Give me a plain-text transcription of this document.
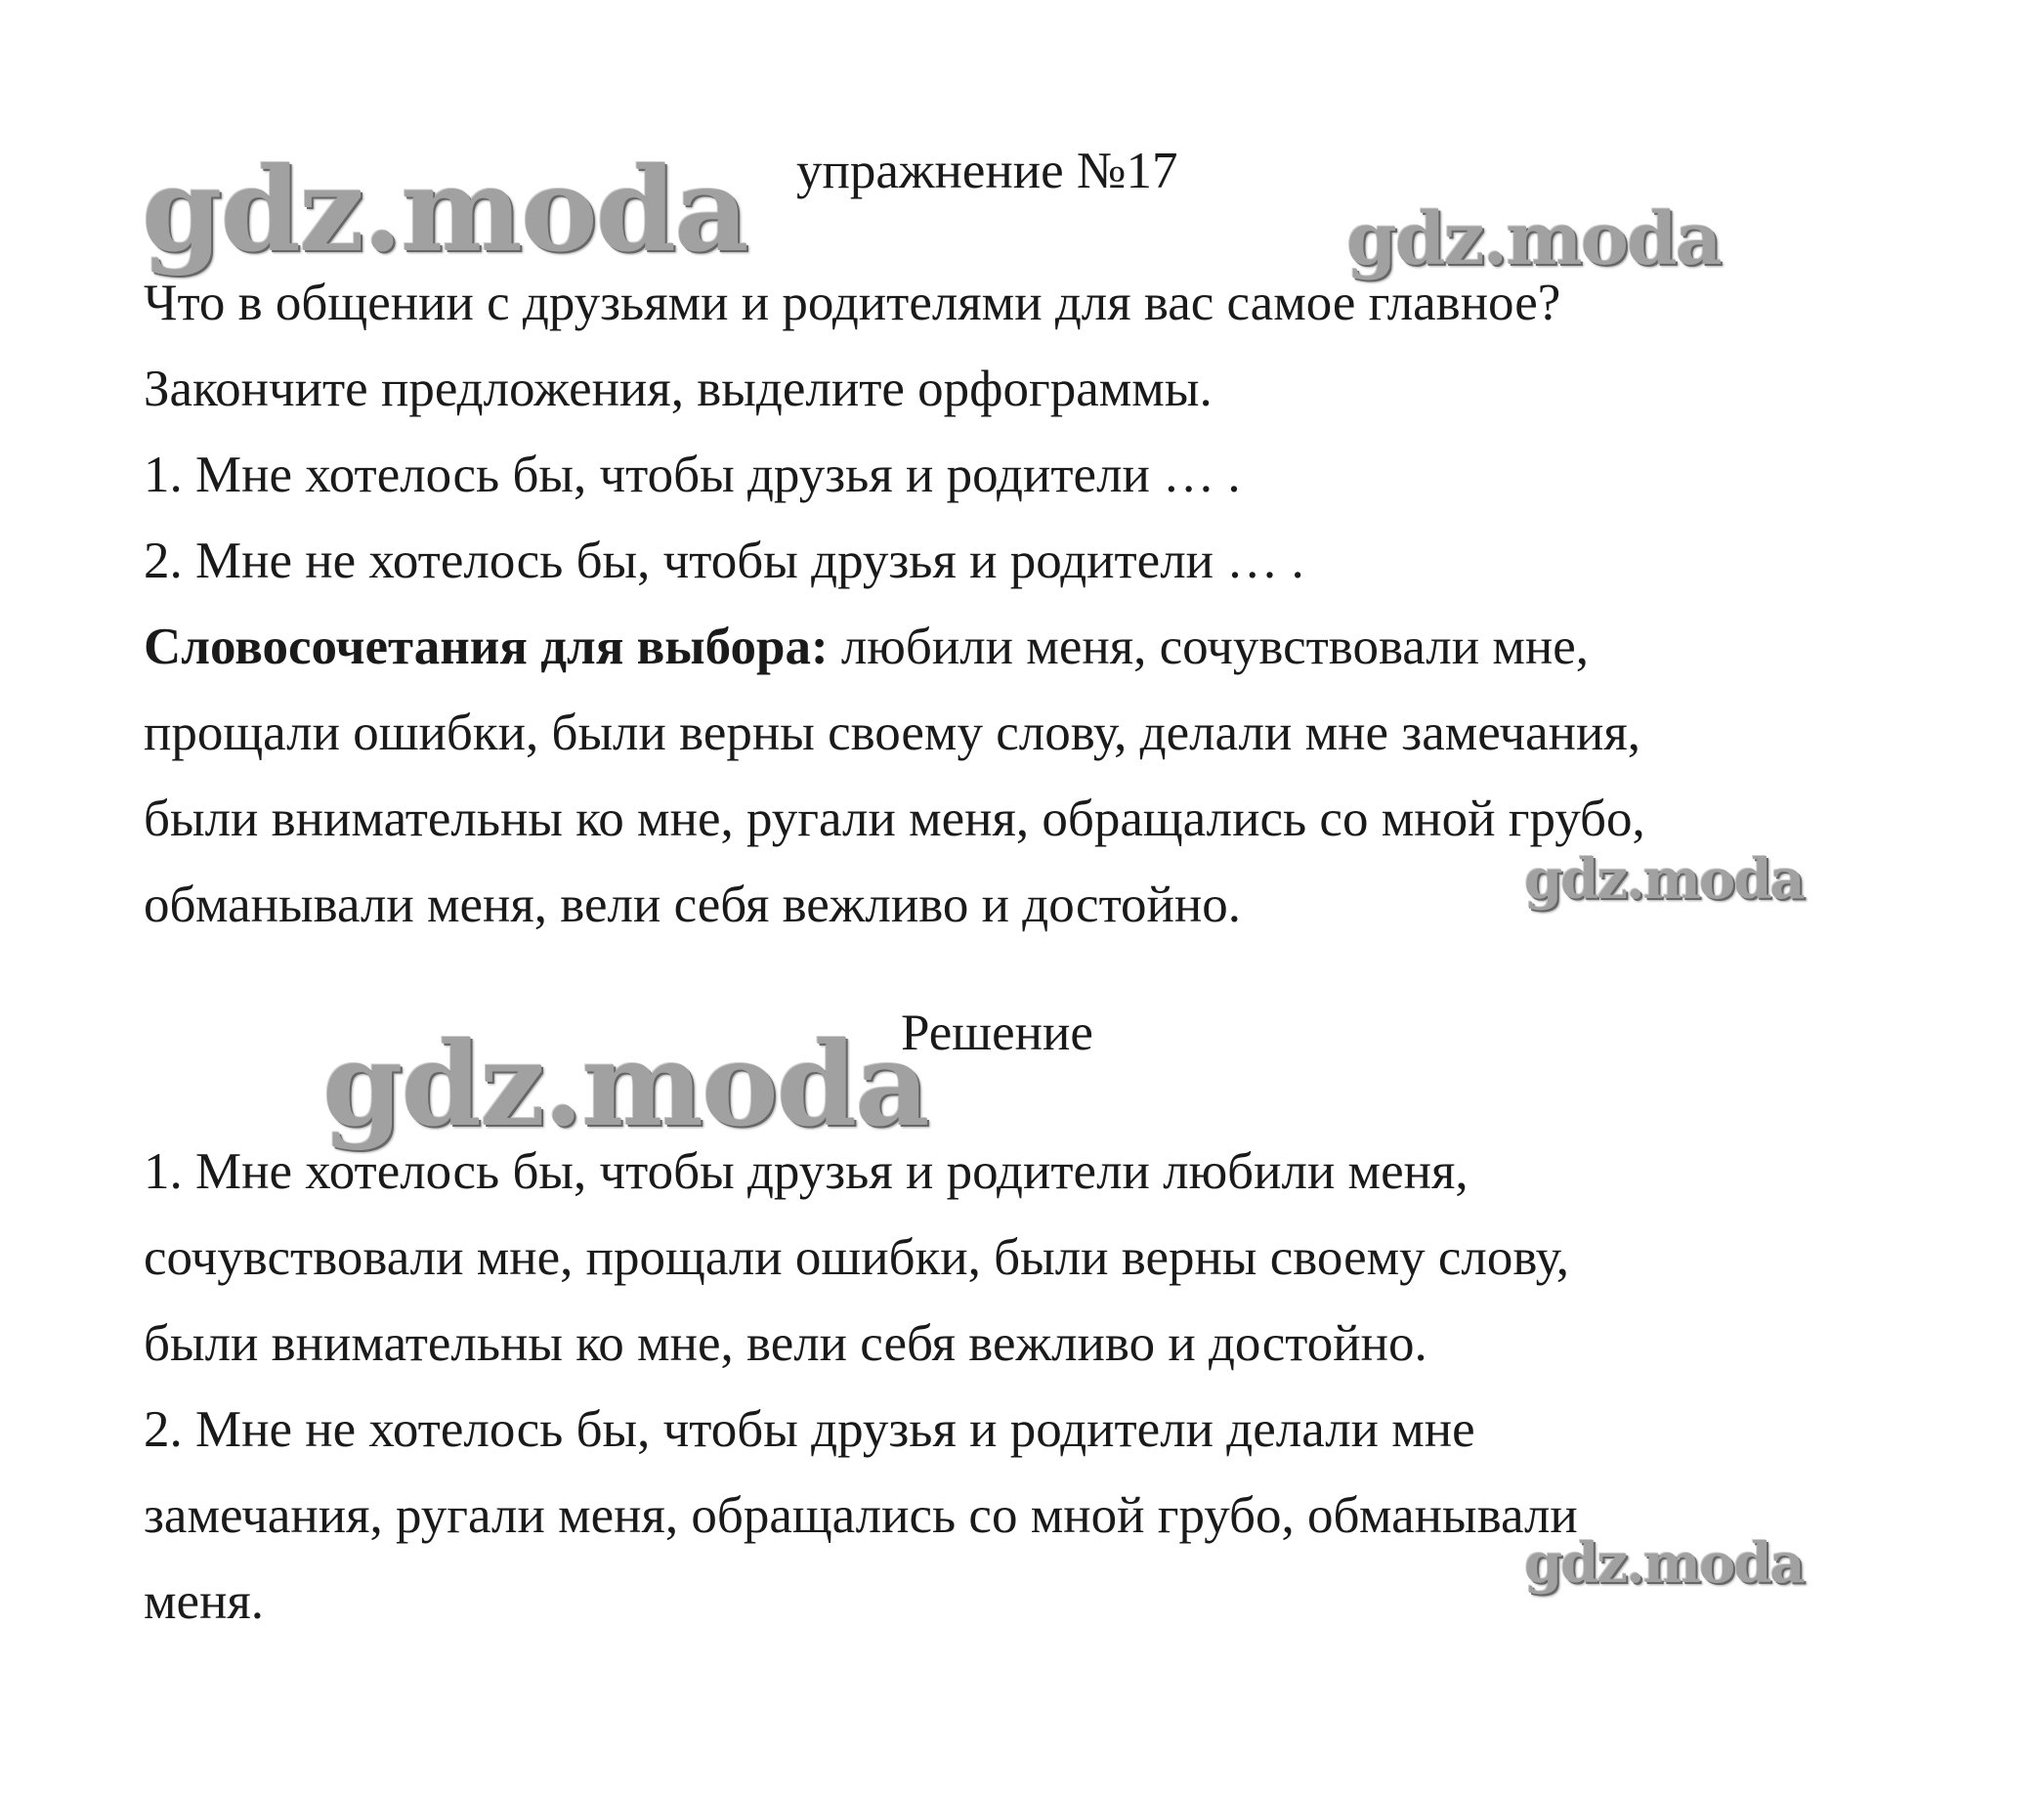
упражнение №17
Что в общении с друзьями и родителями для вас самое главное?
Закончите предложения, выделите орфограммы.
1. Мне хотелось бы, чтобы друзья и родители … .
2. Мне не хотелось бы, чтобы друзья и родители … .
Словосочетания для выбора: любили меня, сочувствовали мне,
прощали ошибки, были верны своему слову, делали мне замечания,
были внимательны ко мне, ругали меня, обращались со мной грубо,
обманывали меня, вели себя вежливо и достойно.
Решение
1. Мне хотелось бы, чтобы друзья и родители любили меня,
сочувствовали мне, прощали ошибки, были верны своему слову,
были внимательны ко мне, вели себя вежливо и достойно.
2. Мне не хотелось бы, чтобы друзья и родители делали мне
замечания, ругали меня, обращались со мной грубо, обманывали
меня.
gdz.moda	gdz.moda
gdz.moda
gdz.moda
gdz.moda
